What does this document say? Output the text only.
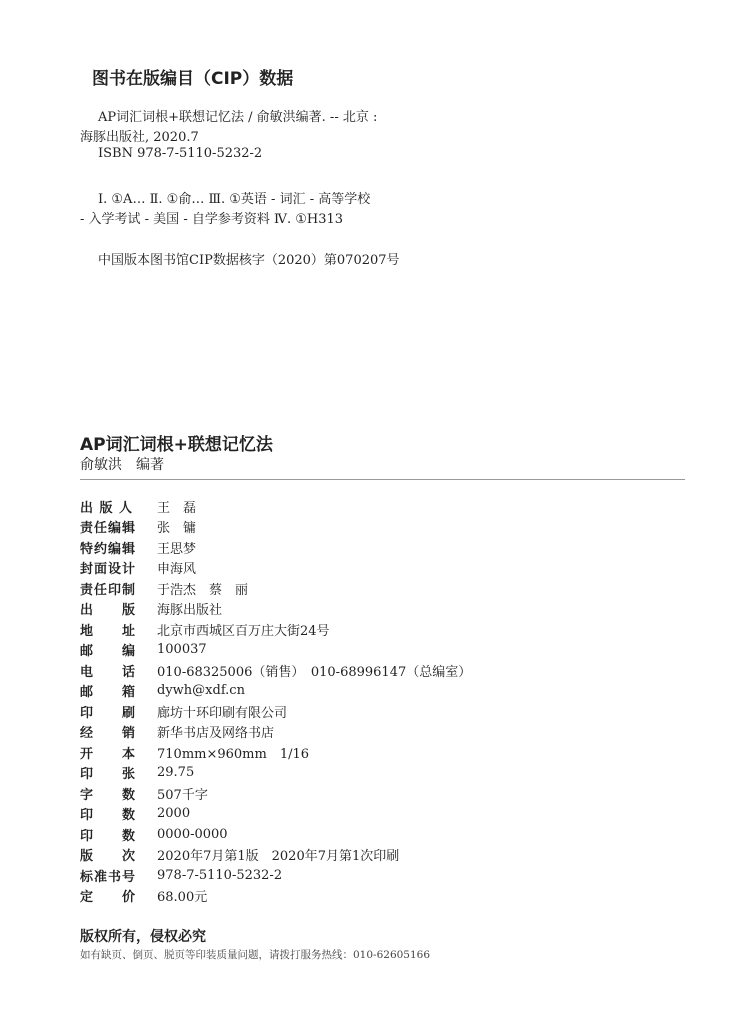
图书在版编目（CIP）数据
AP词汇词根+联想记忆法 / 俞敏洪编著. -- 北京 :
海豚出版社, 2020.7
ISBN 978-7-5110-5232-2
Ⅰ. ①A… Ⅱ. ①俞… Ⅲ. ①英语 - 词汇 - 高等学校
- 入学考试 - 美国 - 自学参考资料 Ⅳ. ①H313
中国版本图书馆CIP数据核字（2020）第070207号
AP词汇词根+联想记忆法
俞敏洪　编著
出 版 人	王　磊
责任编辑	张　镛
特约编辑	王思梦
封面设计	申海风
责任印制	于浩杰　蔡　丽
出　　版	海豚出版社
地　　址	北京市西城区百万庄大街24号
邮　　编	100037
电　　话	010-68325006（销售）　010-68996147（总编室）
邮　　箱	dywh@xdf.cn
印　　刷	廊坊十环印刷有限公司
经　　销	新华书店及网络书店
开　　本	710mm×960mm　1/16
印　　张	29.75
字　　数	507千字
印　　数	2000
印　　数	0000-0000
版　　次	2020年7月第1版　2020年7月第1次印刷
标准书号	978-7-5110-5232-2
定　　价	68.00元
版权所有，侵权必究
如有缺页、倒页、脱页等印装质量问题，请拨打服务热线：010-62605166
